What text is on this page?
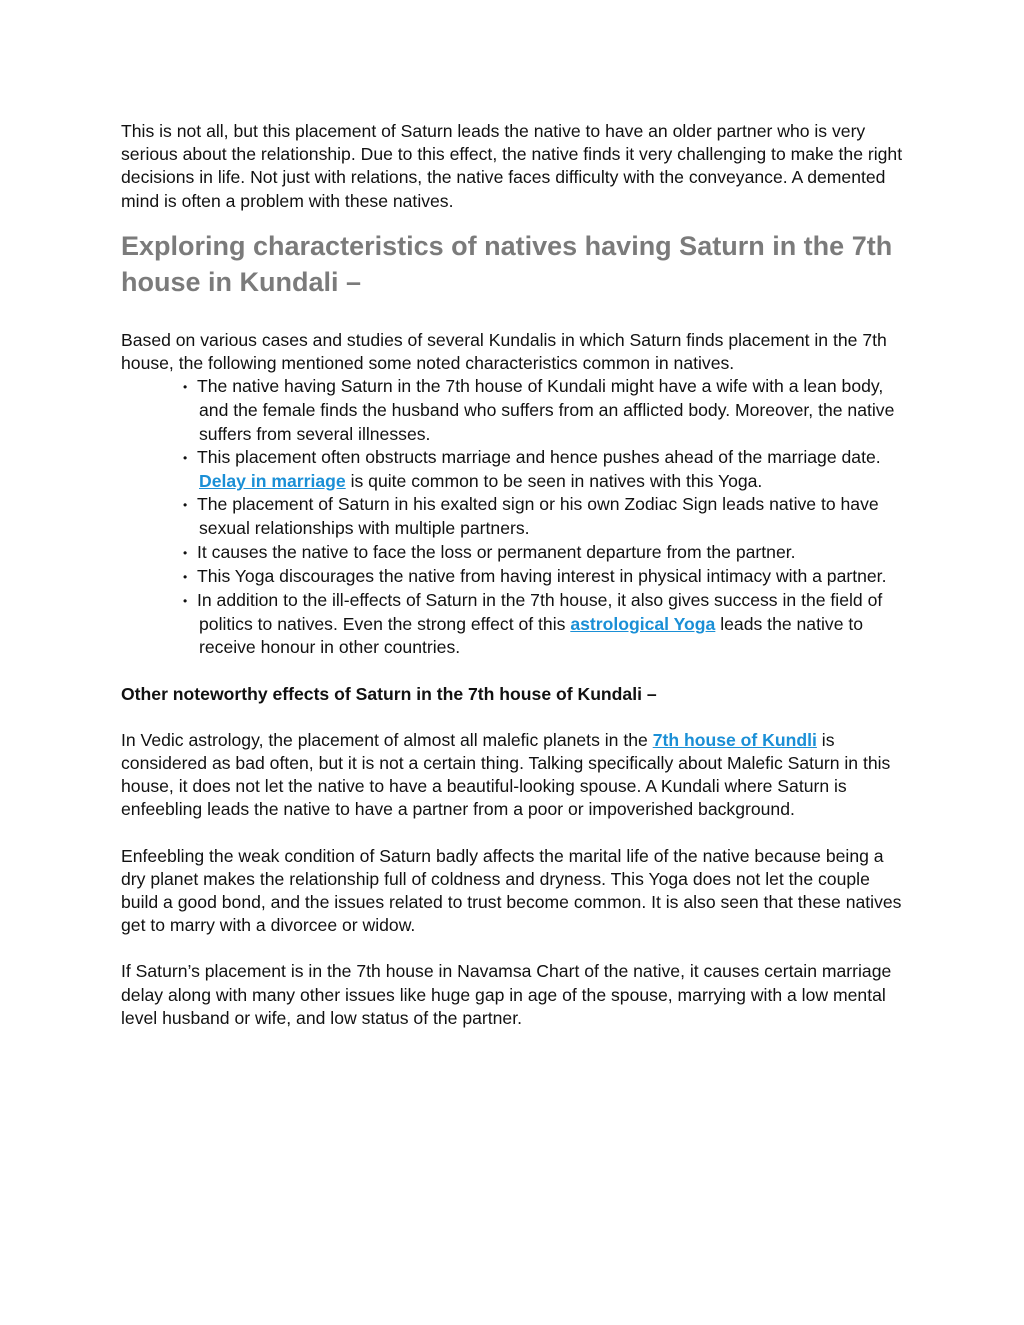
This is not all, but this placement of Saturn leads the native to have an older partner who is very serious about the relationship. Due to this effect, the native finds it very challenging to make the right decisions in life. Not just with relations, the native faces difficulty with the conveyance. A demented mind is often a problem with these natives.

Exploring characteristics of natives having Saturn in the 7th house in Kundali –

Based on various cases and studies of several Kundalis in which Saturn finds placement in the 7th house, the following mentioned some noted characteristics common in natives.

• The native having Saturn in the 7th house of Kundali might have a wife with a lean body, and the female finds the husband who suffers from an afflicted body. Moreover, the native suffers from several illnesses.
• This placement often obstructs marriage and hence pushes ahead of the marriage date. Delay in marriage is quite common to be seen in natives with this Yoga.
• The placement of Saturn in his exalted sign or his own Zodiac Sign leads native to have sexual relationships with multiple partners.
• It causes the native to face the loss or permanent departure from the partner.
• This Yoga discourages the native from having interest in physical intimacy with a partner.
• In addition to the ill-effects of Saturn in the 7th house, it also gives success in the field of politics to natives. Even the strong effect of this astrological Yoga leads the native to receive honour in other countries.
Other noteworthy effects of Saturn in the 7th house of Kundali –

In Vedic astrology, the placement of almost all malefic planets in the 7th house of Kundli is considered as bad often, but it is not a certain thing. Talking specifically about Malefic Saturn in this house, it does not let the native to have a beautiful-looking spouse. A Kundali where Saturn is enfeebling leads the native to have a partner from a poor or impoverished background.

Enfeebling the weak condition of Saturn badly affects the marital life of the native because being a dry planet makes the relationship full of coldness and dryness. This Yoga does not let the couple build a good bond, and the issues related to trust become common. It is also seen that these natives get to marry with a divorcee or widow.

If Saturn’s placement is in the 7th house in Navamsa Chart of the native, it causes certain marriage delay along with many other issues like huge gap in age of the spouse, marrying with a low mental level husband or wife, and low status of the partner.
